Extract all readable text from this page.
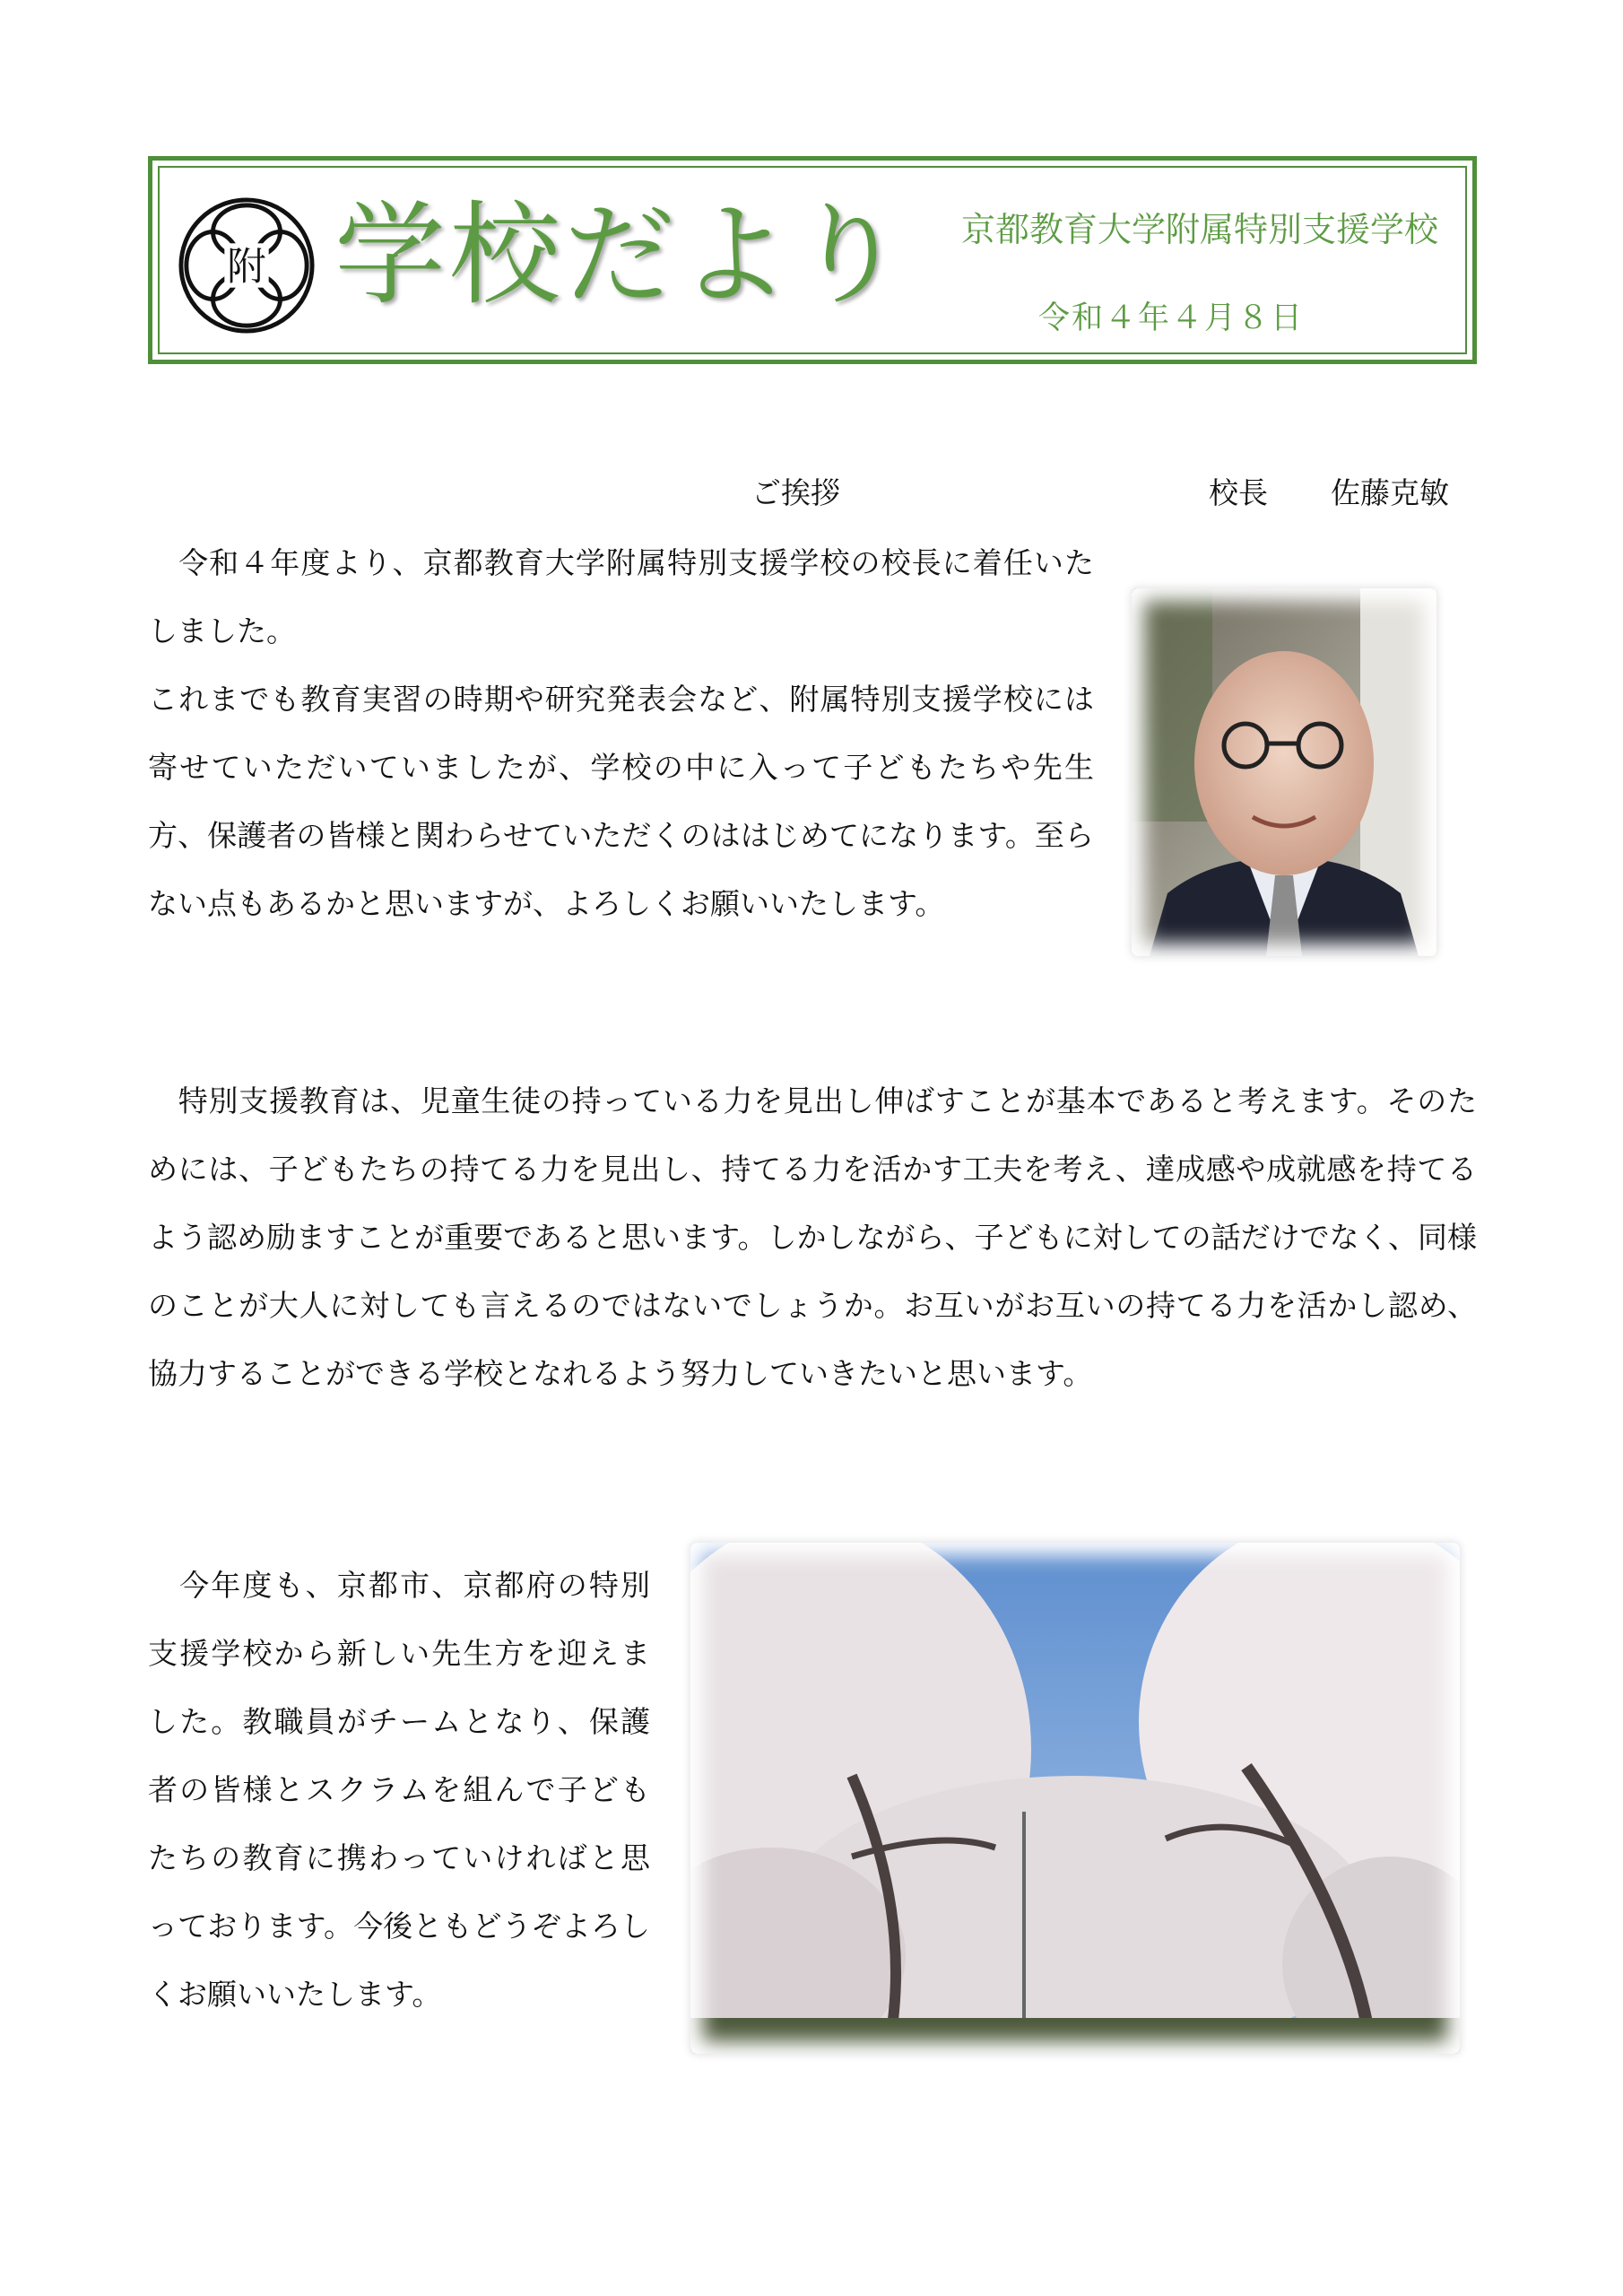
附 学校だより 京都教育大学附属特別支援学校
令和４年４月８日
ご挨拶	校長 佐藤克敏

　令和４年度より、京都教育大学附属特別支援学校の校長に着任いたしました。
これまでも教育実習の時期や研究発表会など、附属特別支援学校には寄せていただいていましたが、学校の中に入って子どもたちや先生方、保護者の皆様と関わらせていただくのははじめてになります。至らない点もあるかと思いますが、よろしくお願いいたします。

　特別支援教育は、児童生徒の持っている力を見出し伸ばすことが基本であると考えます。そのためには、子どもたちの持てる力を見出し、持てる力を活かす工夫を考え、達成感や成就感を持てるよう認め励ますことが重要であると思います。しかしながら、子どもに対しての話だけでなく、同様のことが大人に対しても言えるのではないでしょうか。お互いがお互いの持てる力を活かし認め、協力することができる学校となれるよう努力していきたいと思います。

　今年度も、京都市、京都府の特別支援学校から新しい先生方を迎えました。教職員がチームとなり、保護者の皆様とスクラムを組んで子どもたちの教育に携わっていければと思っております。今後ともどうぞよろしくお願いいたします。
